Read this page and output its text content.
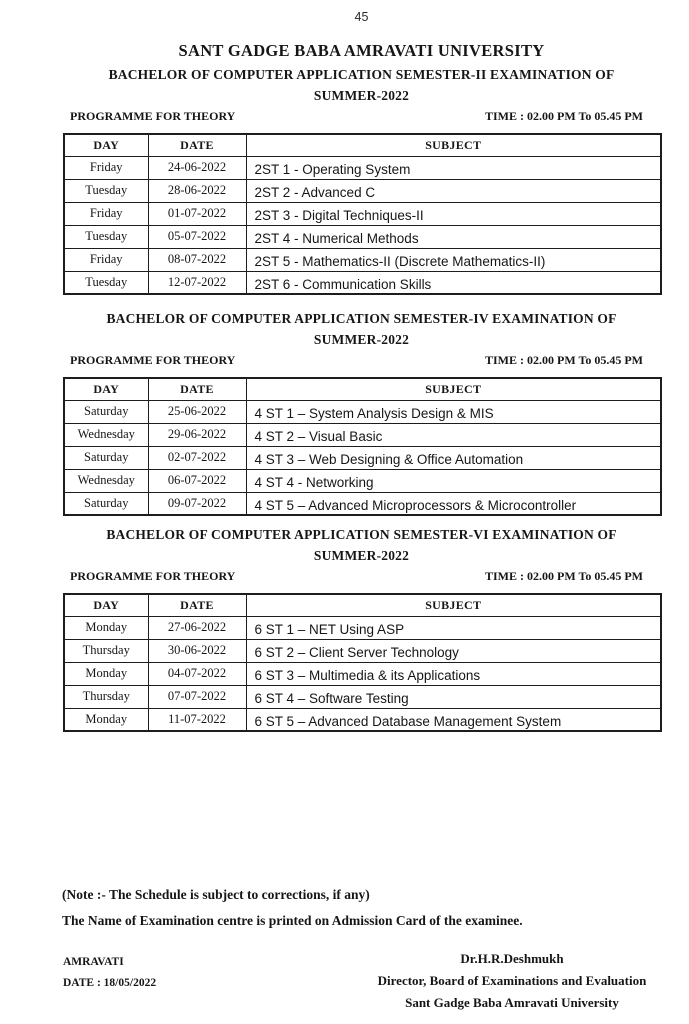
45
SANT GADGE BABA AMRAVATI UNIVERSITY
BACHELOR OF COMPUTER APPLICATION SEMESTER-II EXAMINATION OF
SUMMER-2022
PROGRAMME FOR THEORY	TIME : 02.00 PM To 05.45 PM
DAY	DATE	SUBJECT
Friday	24-06-2022	2ST 1 - Operating System
Tuesday	28-06-2022	2ST 2 - Advanced C
Friday	01-07-2022	2ST 3 - Digital Techniques-II
Tuesday	05-07-2022	2ST 4 - Numerical Methods
Friday	08-07-2022	2ST 5 - Mathematics-II (Discrete Mathematics-II)
Tuesday	12-07-2022	2ST 6 - Communication Skills
BACHELOR OF COMPUTER APPLICATION SEMESTER-IV EXAMINATION OF
SUMMER-2022
PROGRAMME FOR THEORY	TIME : 02.00 PM To 05.45 PM
DAY	DATE	SUBJECT
Saturday	25-06-2022	4 ST 1 – System Analysis Design & MIS
Wednesday	29-06-2022	4 ST 2 – Visual Basic
Saturday	02-07-2022	4 ST 3 – Web Designing & Office Automation
Wednesday	06-07-2022	4 ST 4 - Networking
Saturday	09-07-2022	4 ST 5 – Advanced Microprocessors & Microcontroller
BACHELOR OF COMPUTER APPLICATION SEMESTER-VI EXAMINATION OF
SUMMER-2022
PROGRAMME FOR THEORY	TIME : 02.00 PM To 05.45 PM
DAY	DATE	SUBJECT
Monday	27-06-2022	6 ST 1 – NET Using ASP
Thursday	30-06-2022	6 ST 2 – Client Server Technology
Monday	04-07-2022	6 ST 3 – Multimedia & its Applications
Thursday	07-07-2022	6 ST 4 – Software Testing
Monday	11-07-2022	6 ST 5 – Advanced Database Management System
(Note :- The Schedule is subject to corrections, if any)
The Name of Examination centre is printed on Admission Card of the examinee.
AMRAVATI
DATE : 18/05/2022
Dr.H.R.Deshmukh
Director, Board of Examinations and Evaluation
Sant Gadge Baba Amravati University
